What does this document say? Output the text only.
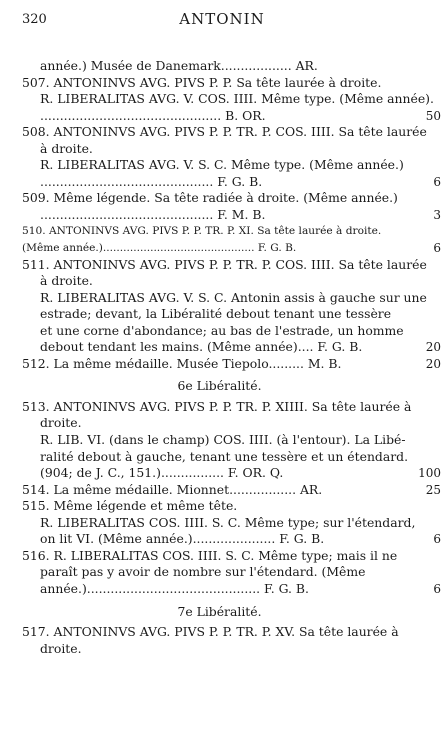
320	ANTONIN
année.) Musée de Danemark.................. AR.
507. ANTONINVS AVG. PIVS P. P. Sa tête laurée à droite.
R. LIBERALITAS AVG. V. COS. IIII. Même type. (Même année).
.............................................. B. OR.	50
508. ANTONINVS AVG. PIVS P. P. TR. P. COS. IIII. Sa tête laurée
à droite.
R. LIBERALITAS AVG. V. S. C. Même type. (Même année.)
............................................ F. G. B.	6
509. Même légende. Sa tête radiée à droite. (Même année.)
............................................ F. M. B.	3
510. ANTONINVS AVG. PIVS P. P. TR. P. XI. Sa tête laurée à droite.
(Même année.)............................................. F. G. B.	6
511. ANTONINVS AVG. PIVS P. P. TR. P. COS. IIII. Sa tête laurée
à droite.
R. LIBERALITAS AVG. V. S. C. Antonin assis à gauche sur une
estrade; devant, la Libéralité debout tenant une tessère
et une corne d'abondance; au bas de l'estrade, un homme
debout tendant les mains. (Même année).... F. G. B.	20
512. La même médaille. Musée Tiepolo......... M. B.	20
6e Libéralité.
513. ANTONINVS AVG. PIVS P. P. TR. P. XIIII. Sa tête laurée à
droite.
R. LIB. VI. (dans le champ) COS. IIII. (à l'entour). La Libé-
ralité debout à gauche, tenant une tessère et un étendard.
(904; de J. C., 151.)................ F. OR. Q.	100
514. La même médaille. Mionnet................. AR.	25
515. Même légende et même tête.
R. LIBERALITAS COS. IIII. S. C. Même type; sur l'étendard,
on lit VI. (Même année.)..................... F. G. B.	6
516. R. LIBERALITAS COS. IIII. S. C. Même type; mais il ne
paraît pas y avoir de nombre sur l'étendard. (Même
année.)............................................ F. G. B.	6
7e Libéralité.
517. ANTONINVS AVG. PIVS P. P. TR. P. XV. Sa tête laurée à
droite.
